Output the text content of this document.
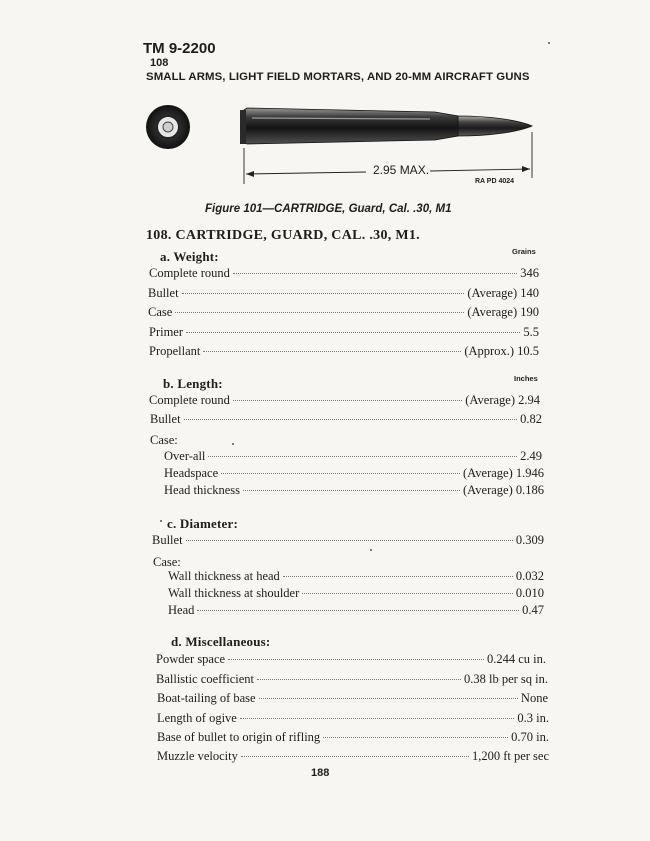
TM 9-2200
108
SMALL ARMS, LIGHT FIELD MORTARS, AND 20-MM AIRCRAFT GUNS
2.95 MAX.
RA PD 4024
Figure 101—CARTRIDGE, Guard, Cal. .30, M1
108. CARTRIDGE, GUARD, CAL. .30, M1.
a. Weight:	Grains
Complete round	346
Bullet	(Average) 140
Case	(Average) 190
Primer	5.5
Propellant	(Approx.) 10.5
b. Length:	Inches
Complete round	(Average) 2.94
Bullet	0.82
Case:
Over-all	2.49
Headspace	(Average) 1.946
Head thickness	(Average) 0.186
c. Diameter:
Bullet	0.309
Case:
Wall thickness at head	0.032
Wall thickness at shoulder	0.010
Head	0.47
d. Miscellaneous:
Powder space	0.244 cu in.
Ballistic coefficient	0.38 lb per sq in.
Boat-tailing of base	None
Length of ogive	0.3 in.
Base of bullet to origin of rifling	0.70 in.
Muzzle velocity	1,200 ft per sec
188
